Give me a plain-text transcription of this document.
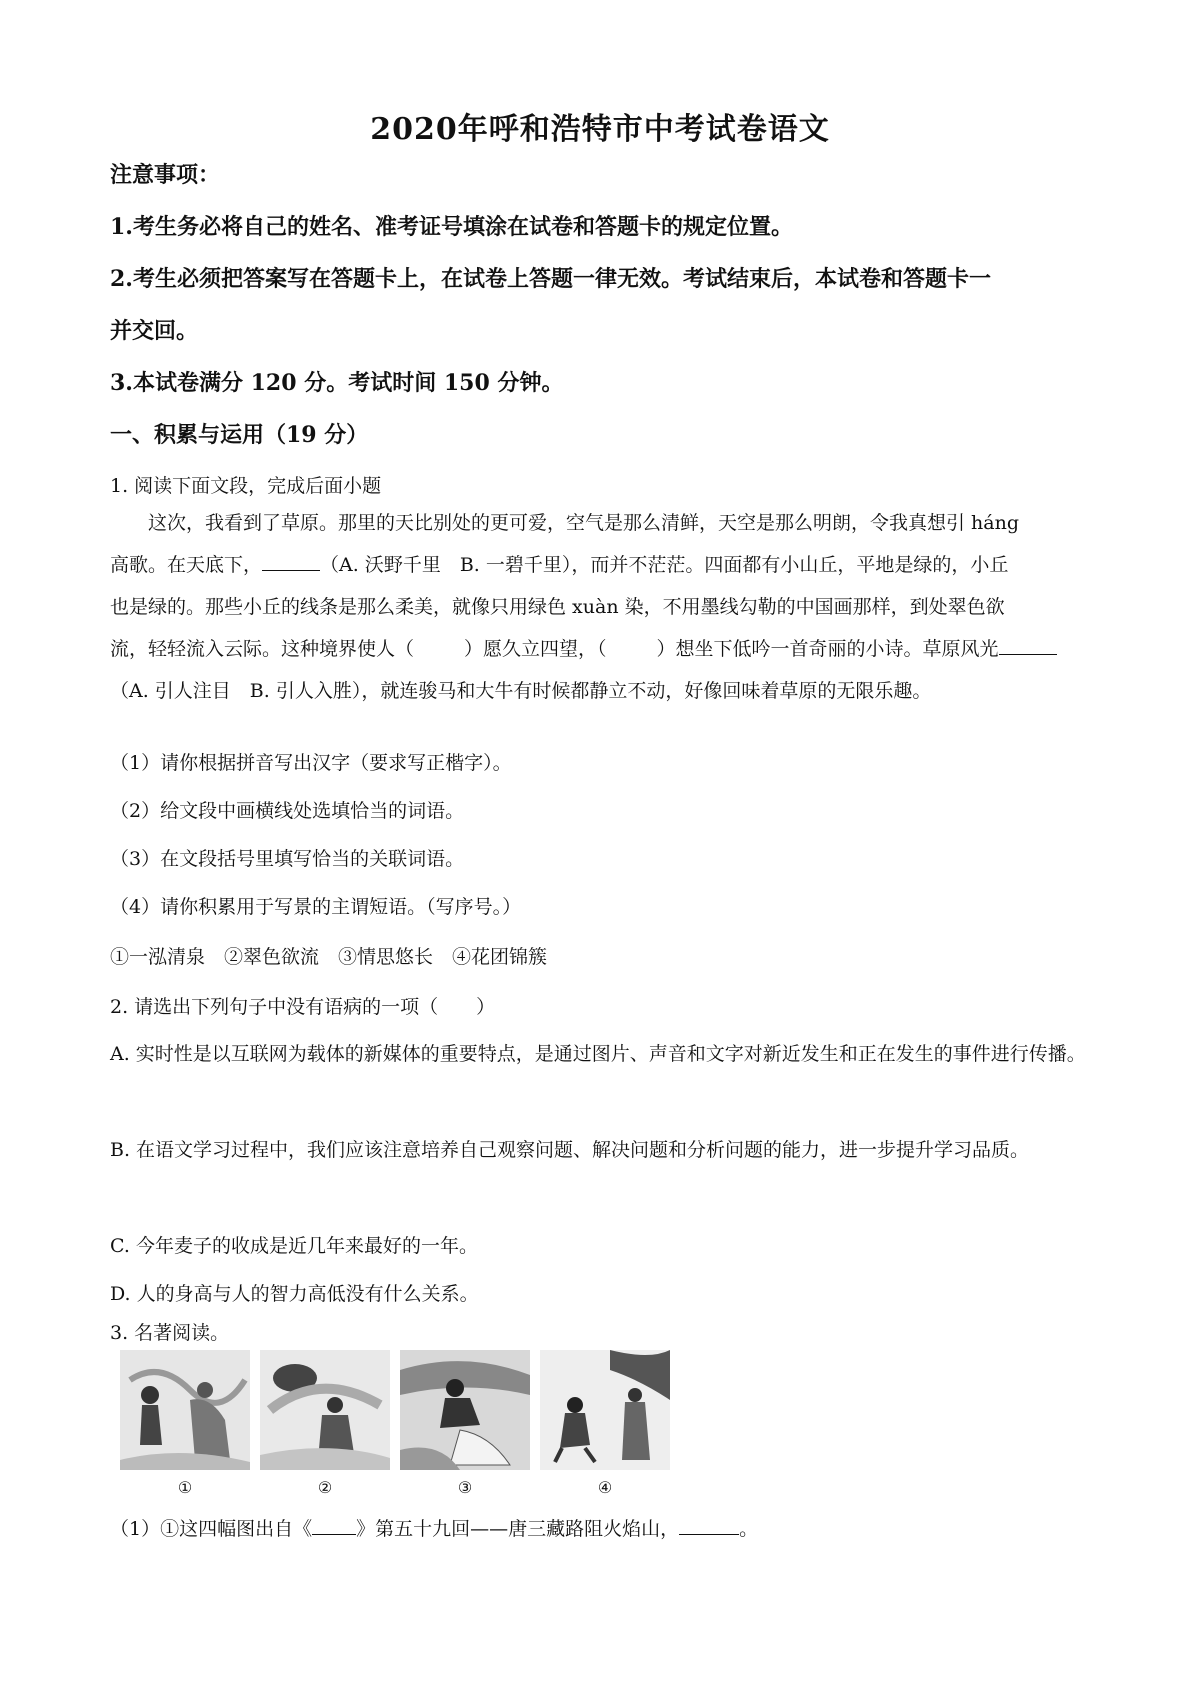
2020年呼和浩特市中考试卷语文
注意事项：
1.考生务必将自己的姓名、准考证号填涂在试卷和答题卡的规定位置。
2.考生必须把答案写在答题卡上，在试卷上答题一律无效。考试结束后，本试卷和答题卡一
并交回。
3.本试卷满分 120 分。考试时间 150 分钟。
一、积累与运用（19 分）
1. 阅读下面文段，完成后面小题
这次，我看到了草原。那里的天比别处的更可爱，空气是那么清鲜，天空是那么明朗，令我真想引 háng
高歌。在天底下，	（A. 沃野千里　B. 一碧千里），而并不茫茫。四面都有小山丘，平地是绿的，小丘
也是绿的。那些小丘的线条是那么柔美，就像只用绿色 xuàn 染，不用墨线勾勒的中国画那样，到处翠色欲
流，轻轻流入云际。这种境界使人（	）愿久立四望，（	）想坐下低吟一首奇丽的小诗。草原风光
（A. 引人注目　B. 引人入胜），就连骏马和大牛有时候都静立不动，好像回味着草原的无限乐趣。
（1）请你根据拼音写出汉字（要求写正楷字）。
（2）给文段中画横线处选填恰当的词语。
（3）在文段括号里填写恰当的关联词语。
（4）请你积累用于写景的主谓短语。（写序号。）
①一泓清泉　②翠色欲流　③情思悠长　④花团锦簇
2. 请选出下列句子中没有语病的一项（　　）
A. 实时性是以互联网为载体的新媒体的重要特点，是通过图片、声音和文字对新近发生和正在发生的事件进行传播。
B. 在语文学习过程中，我们应该注意培养自己观察问题、解决问题和分析问题的能力，进一步提升学习品质。
C. 今年麦子的收成是近几年来最好的一年。
D. 人的身高与人的智力高低没有什么关系。
3. 名著阅读。
①	②	③	④
（1）①这四幅图出自《 》第五十九回——唐三藏路阻火焰山，	。
